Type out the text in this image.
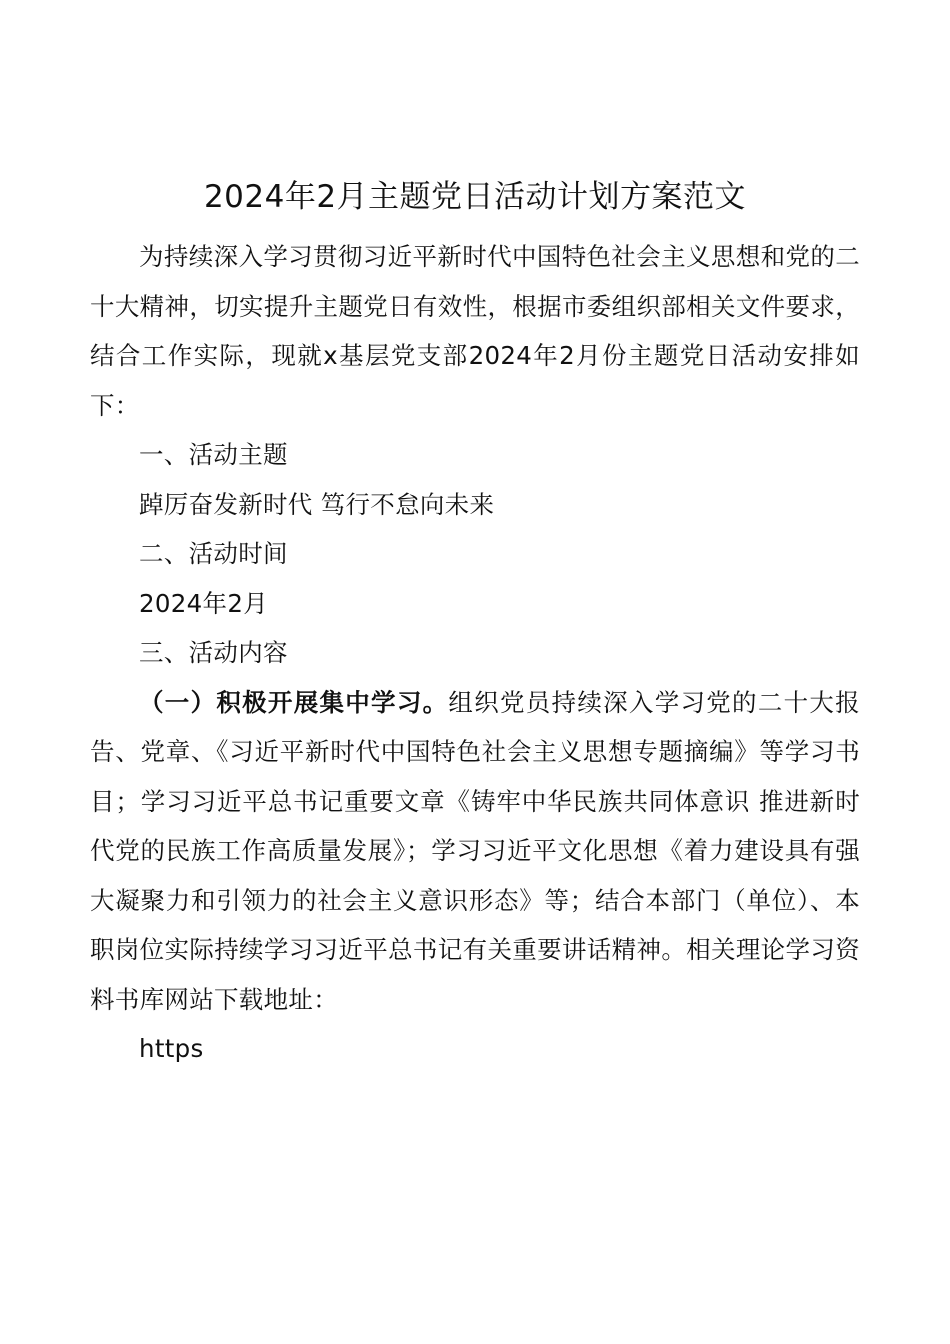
2024年2月主题党日活动计划方案范文

为持续深入学习贯彻习近平新时代中国特色社会主义思想和党的二十大精神，切实提升主题党日有效性，根据市委组织部相关文件要求，结合工作实际，现就x基层党支部2024年2月份主题党日活动安排如下：

一、活动主题

踔厉奋发新时代 笃行不怠向未来

二、活动时间

2024年2月

三、活动内容

（一）积极开展集中学习。组织党员持续深入学习党的二十大报告、党章、《习近平新时代中国特色社会主义思想专题摘编》等学习书目；学习习近平总书记重要文章《铸牢中华民族共同体意识 推进新时代党的民族工作高质量发展》；学习习近平文化思想《着力建设具有强大凝聚力和引领力的社会主义意识形态》等；结合本部门（单位）、本职岗位实际持续学习习近平总书记有关重要讲话精神。相关理论学习资料书库网站下载地址：

https
